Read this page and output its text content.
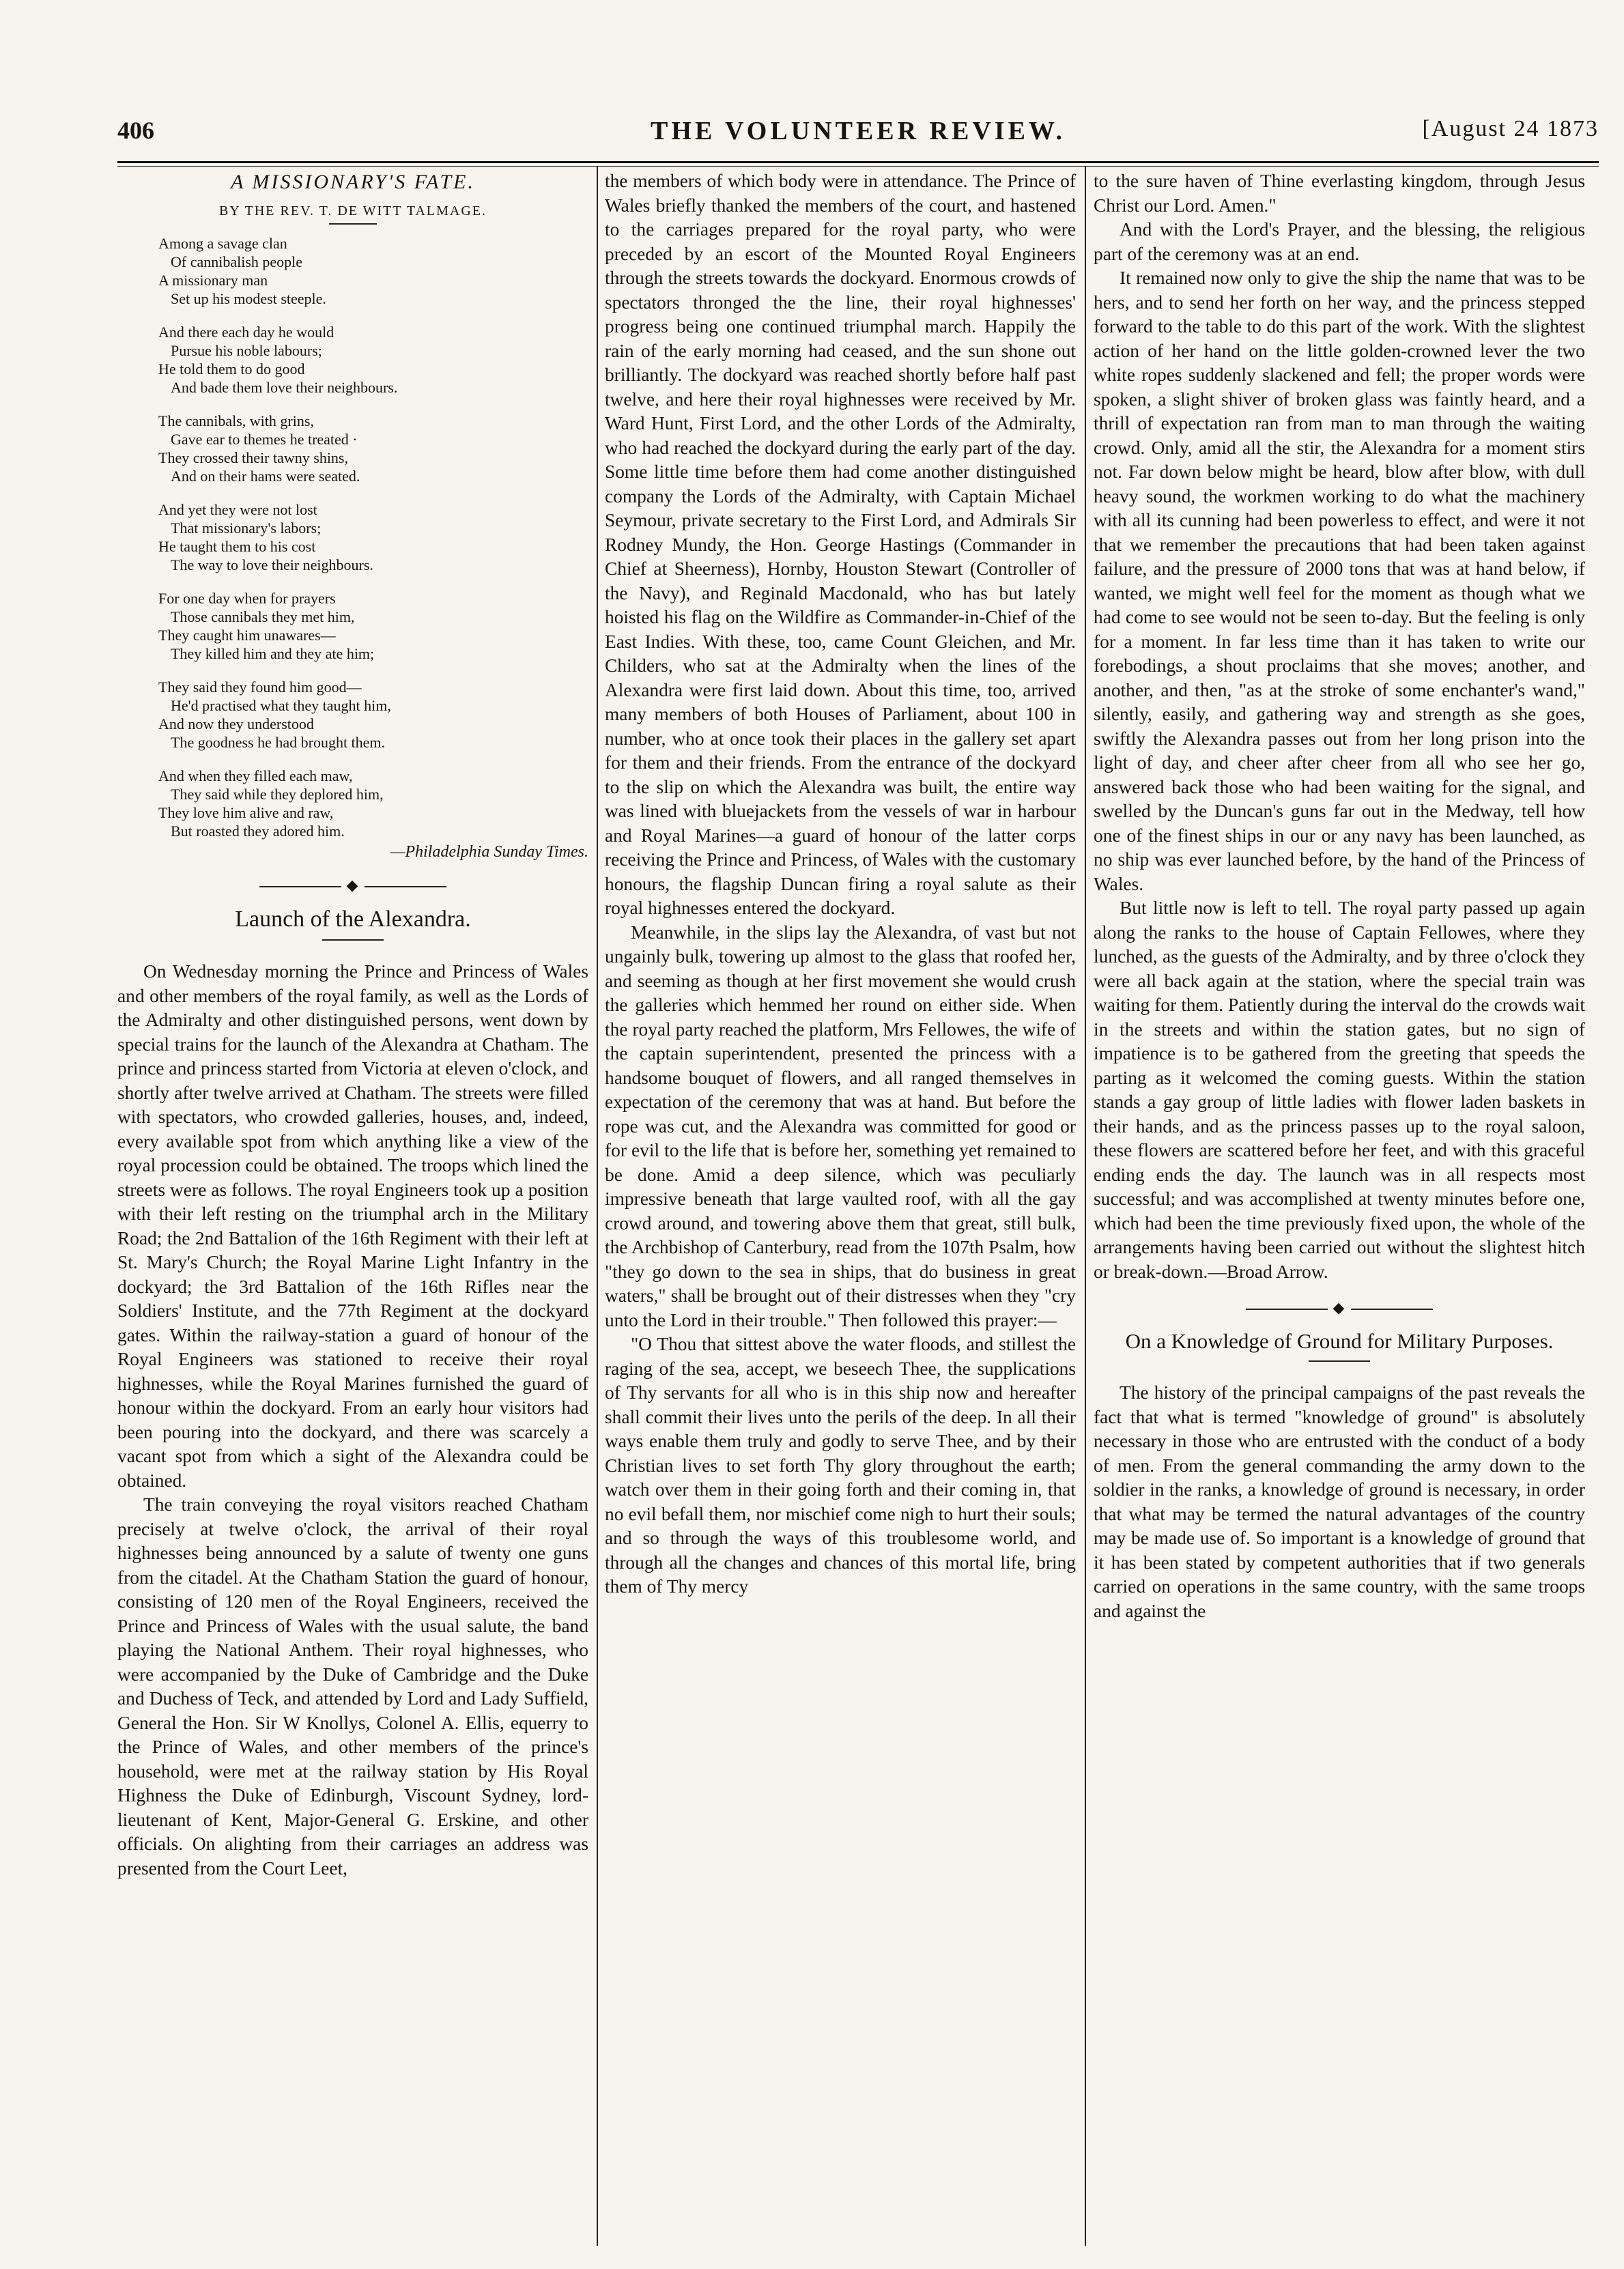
406	THE VOLUNTEER REVIEW.	[August 24 1873
A MISSIONARY'S FATE.
BY THE REV. T. DE WITT TALMAGE.
Among a savage clan
Of cannibalish people
A missionary man
Set up his modest steeple.
And there each day he would
Pursue his noble labours;
He told them to do good
And bade them love their neighbours.
The cannibals, with grins,
Gave ear to themes he treated ·
They crossed their tawny shins,
And on their hams were seated.
And yet they were not lost
That missionary's labors;
He taught them to his cost
The way to love their neighbours.
For one day when for prayers
Those cannibals they met him,
They caught him unawares—
They killed him and they ate him;
They said they found him good—
He'd practised what they taught him,
And now they understood
The goodness he had brought them.
And when they filled each maw,
They said while they deplored him,
They love him alive and raw,
But roasted they adored him.
—Philadelphia Sunday Times.
◆
Launch of the Alexandra.

On Wednesday morning the Prince and Princess of Wales and other members of the royal family, as well as the Lords of the Admiralty and other distinguished persons, went down by special trains for the launch of the Alexandra at Chatham. The prince and princess started from Victoria at eleven o'clock, and shortly after twelve arrived at Chatham. The streets were filled with spectators, who crowded galleries, houses, and, indeed, every available spot from which anything like a view of the royal procession could be obtained. The troops which lined the streets were as follows. The royal Engineers took up a position with their left resting on the triumphal arch in the Military Road; the 2nd Battalion of the 16th Regiment with their left at St. Mary's Church; the Royal Marine Light Infantry in the dockyard; the 3rd Battalion of the 16th Rifles near the Soldiers' Institute, and the 77th Regiment at the dockyard gates. Within the railway-station a guard of honour of the Royal Engineers was stationed to receive their royal highnesses, while the Royal Marines furnished the guard of honour within the dockyard. From an early hour visitors had been pouring into the dockyard, and there was scarcely a vacant spot from which a sight of the Alexandra could be obtained.

The train conveying the royal visitors reached Chatham precisely at twelve o'clock, the arrival of their royal highnesses being announced by a salute of twenty one guns from the citadel. At the Chatham Station the guard of honour, consisting of 120 men of the Royal Engineers, received the Prince and Princess of Wales with the usual salute, the band playing the National Anthem. Their royal highnesses, who were accompanied by the Duke of Cambridge and the Duke and Duchess of Teck, and attended by Lord and Lady Suffield, General the Hon. Sir W Knollys, Colonel A. Ellis, equerry to the Prince of Wales, and other members of the prince's household, were met at the railway station by His Royal Highness the Duke of Edinburgh, Viscount Sydney, lord-lieutenant of Kent, Major-General G. Erskine, and other officials. On alighting from their carriages an address was presented from the Court Leet,

the members of which body were in attendance. The Prince of Wales briefly thanked the members of the court, and hastened to the carriages prepared for the royal party, who were preceded by an escort of the Mounted Royal Engineers through the streets towards the dockyard. Enormous crowds of spectators thronged the the line, their royal highnesses' progress being one continued triumphal march. Happily the rain of the early morning had ceased, and the sun shone out brilliantly. The dockyard was reached shortly before half past twelve, and here their royal highnesses were received by Mr. Ward Hunt, First Lord, and the other Lords of the Admiralty, who had reached the dockyard during the early part of the day. Some little time before them had come another distinguished company the Lords of the Admiralty, with Captain Michael Seymour, private secretary to the First Lord, and Admirals Sir Rodney Mundy, the Hon. George Hastings (Commander in Chief at Sheerness), Hornby, Houston Stewart (Controller of the Navy), and Reginald Macdonald, who has but lately hoisted his flag on the Wildfire as Commander-in-Chief of the East Indies. With these, too, came Count Gleichen, and Mr. Childers, who sat at the Admiralty when the lines of the Alexandra were first laid down. About this time, too, arrived many members of both Houses of Parliament, about 100 in number, who at once took their places in the gallery set apart for them and their friends. From the entrance of the dockyard to the slip on which the Alexandra was built, the entire way was lined with bluejackets from the vessels of war in harbour and Royal Marines—a guard of honour of the latter corps receiving the Prince and Princess, of Wales with the customary honours, the flagship Duncan firing a royal salute as their royal highnesses entered the dockyard.

Meanwhile, in the slips lay the Alexandra, of vast but not ungainly bulk, towering up almost to the glass that roofed her, and seeming as though at her first movement she would crush the galleries which hemmed her round on either side. When the royal party reached the platform, Mrs Fellowes, the wife of the captain superintendent, presented the princess with a handsome bouquet of flowers, and all ranged themselves in expectation of the ceremony that was at hand. But before the rope was cut, and the Alexandra was committed for good or for evil to the life that is before her, something yet remained to be done. Amid a deep silence, which was peculiarly impressive beneath that large vaulted roof, with all the gay crowd around, and towering above them that great, still bulk, the Archbishop of Canterbury, read from the 107th Psalm, how "they go down to the sea in ships, that do business in great waters," shall be brought out of their distresses when they "cry unto the Lord in their trouble." Then followed this prayer:—

"O Thou that sittest above the water floods, and stillest the raging of the sea, accept, we beseech Thee, the supplications of Thy servants for all who is in this ship now and hereafter shall commit their lives unto the perils of the deep. In all their ways enable them truly and godly to serve Thee, and by their Christian lives to set forth Thy glory throughout the earth; watch over them in their going forth and their coming in, that no evil befall them, nor mischief come nigh to hurt their souls; and so through the ways of this troublesome world, and through all the changes and chances of this mortal life, bring them of Thy mercy

to the sure haven of Thine everlasting kingdom, through Jesus Christ our Lord. Amen."

And with the Lord's Prayer, and the blessing, the religious part of the ceremony was at an end.

It remained now only to give the ship the name that was to be hers, and to send her forth on her way, and the princess stepped forward to the table to do this part of the work. With the slightest action of her hand on the little golden-crowned lever the two white ropes suddenly slackened and fell; the proper words were spoken, a slight shiver of broken glass was faintly heard, and a thrill of expectation ran from man to man through the waiting crowd. Only, amid all the stir, the Alexandra for a moment stirs not. Far down below might be heard, blow after blow, with dull heavy sound, the workmen working to do what the machinery with all its cunning had been powerless to effect, and were it not that we remember the precautions that had been taken against failure, and the pressure of 2000 tons that was at hand below, if wanted, we might well feel for the moment as though what we had come to see would not be seen to-day. But the feeling is only for a moment. In far less time than it has taken to write our forebodings, a shout proclaims that she moves; another, and another, and then, "as at the stroke of some enchanter's wand," silently, easily, and gathering way and strength as she goes, swiftly the Alexandra passes out from her long prison into the light of day, and cheer after cheer from all who see her go, answered back those who had been waiting for the signal, and swelled by the Duncan's guns far out in the Medway, tell how one of the finest ships in our or any navy has been launched, as no ship was ever launched before, by the hand of the Princess of Wales.

But little now is left to tell. The royal party passed up again along the ranks to the house of Captain Fellowes, where they lunched, as the guests of the Admiralty, and by three o'clock they were all back again at the station, where the special train was waiting for them. Patiently during the interval do the crowds wait in the streets and within the station gates, but no sign of impatience is to be gathered from the greeting that speeds the parting as it welcomed the coming guests. Within the station stands a gay group of little ladies with flower laden baskets in their hands, and as the princess passes up to the royal saloon, these flowers are scattered before her feet, and with this graceful ending ends the day. The launch was in all respects most successful; and was accomplished at twenty minutes before one, which had been the time previously fixed upon, the whole of the arrangements having been carried out without the slightest hitch or break-down.—Broad Arrow.

◆
On a Knowledge of Ground for Military Purposes.

The history of the principal campaigns of the past reveals the fact that what is termed "knowledge of ground" is absolutely necessary in those who are entrusted with the conduct of a body of men. From the general commanding the army down to the soldier in the ranks, a knowledge of ground is necessary, in order that what may be termed the natural advantages of the country may be made use of. So important is a knowledge of ground that it has been stated by competent authorities that if two generals carried on operations in the same country, with the same troops and against the
